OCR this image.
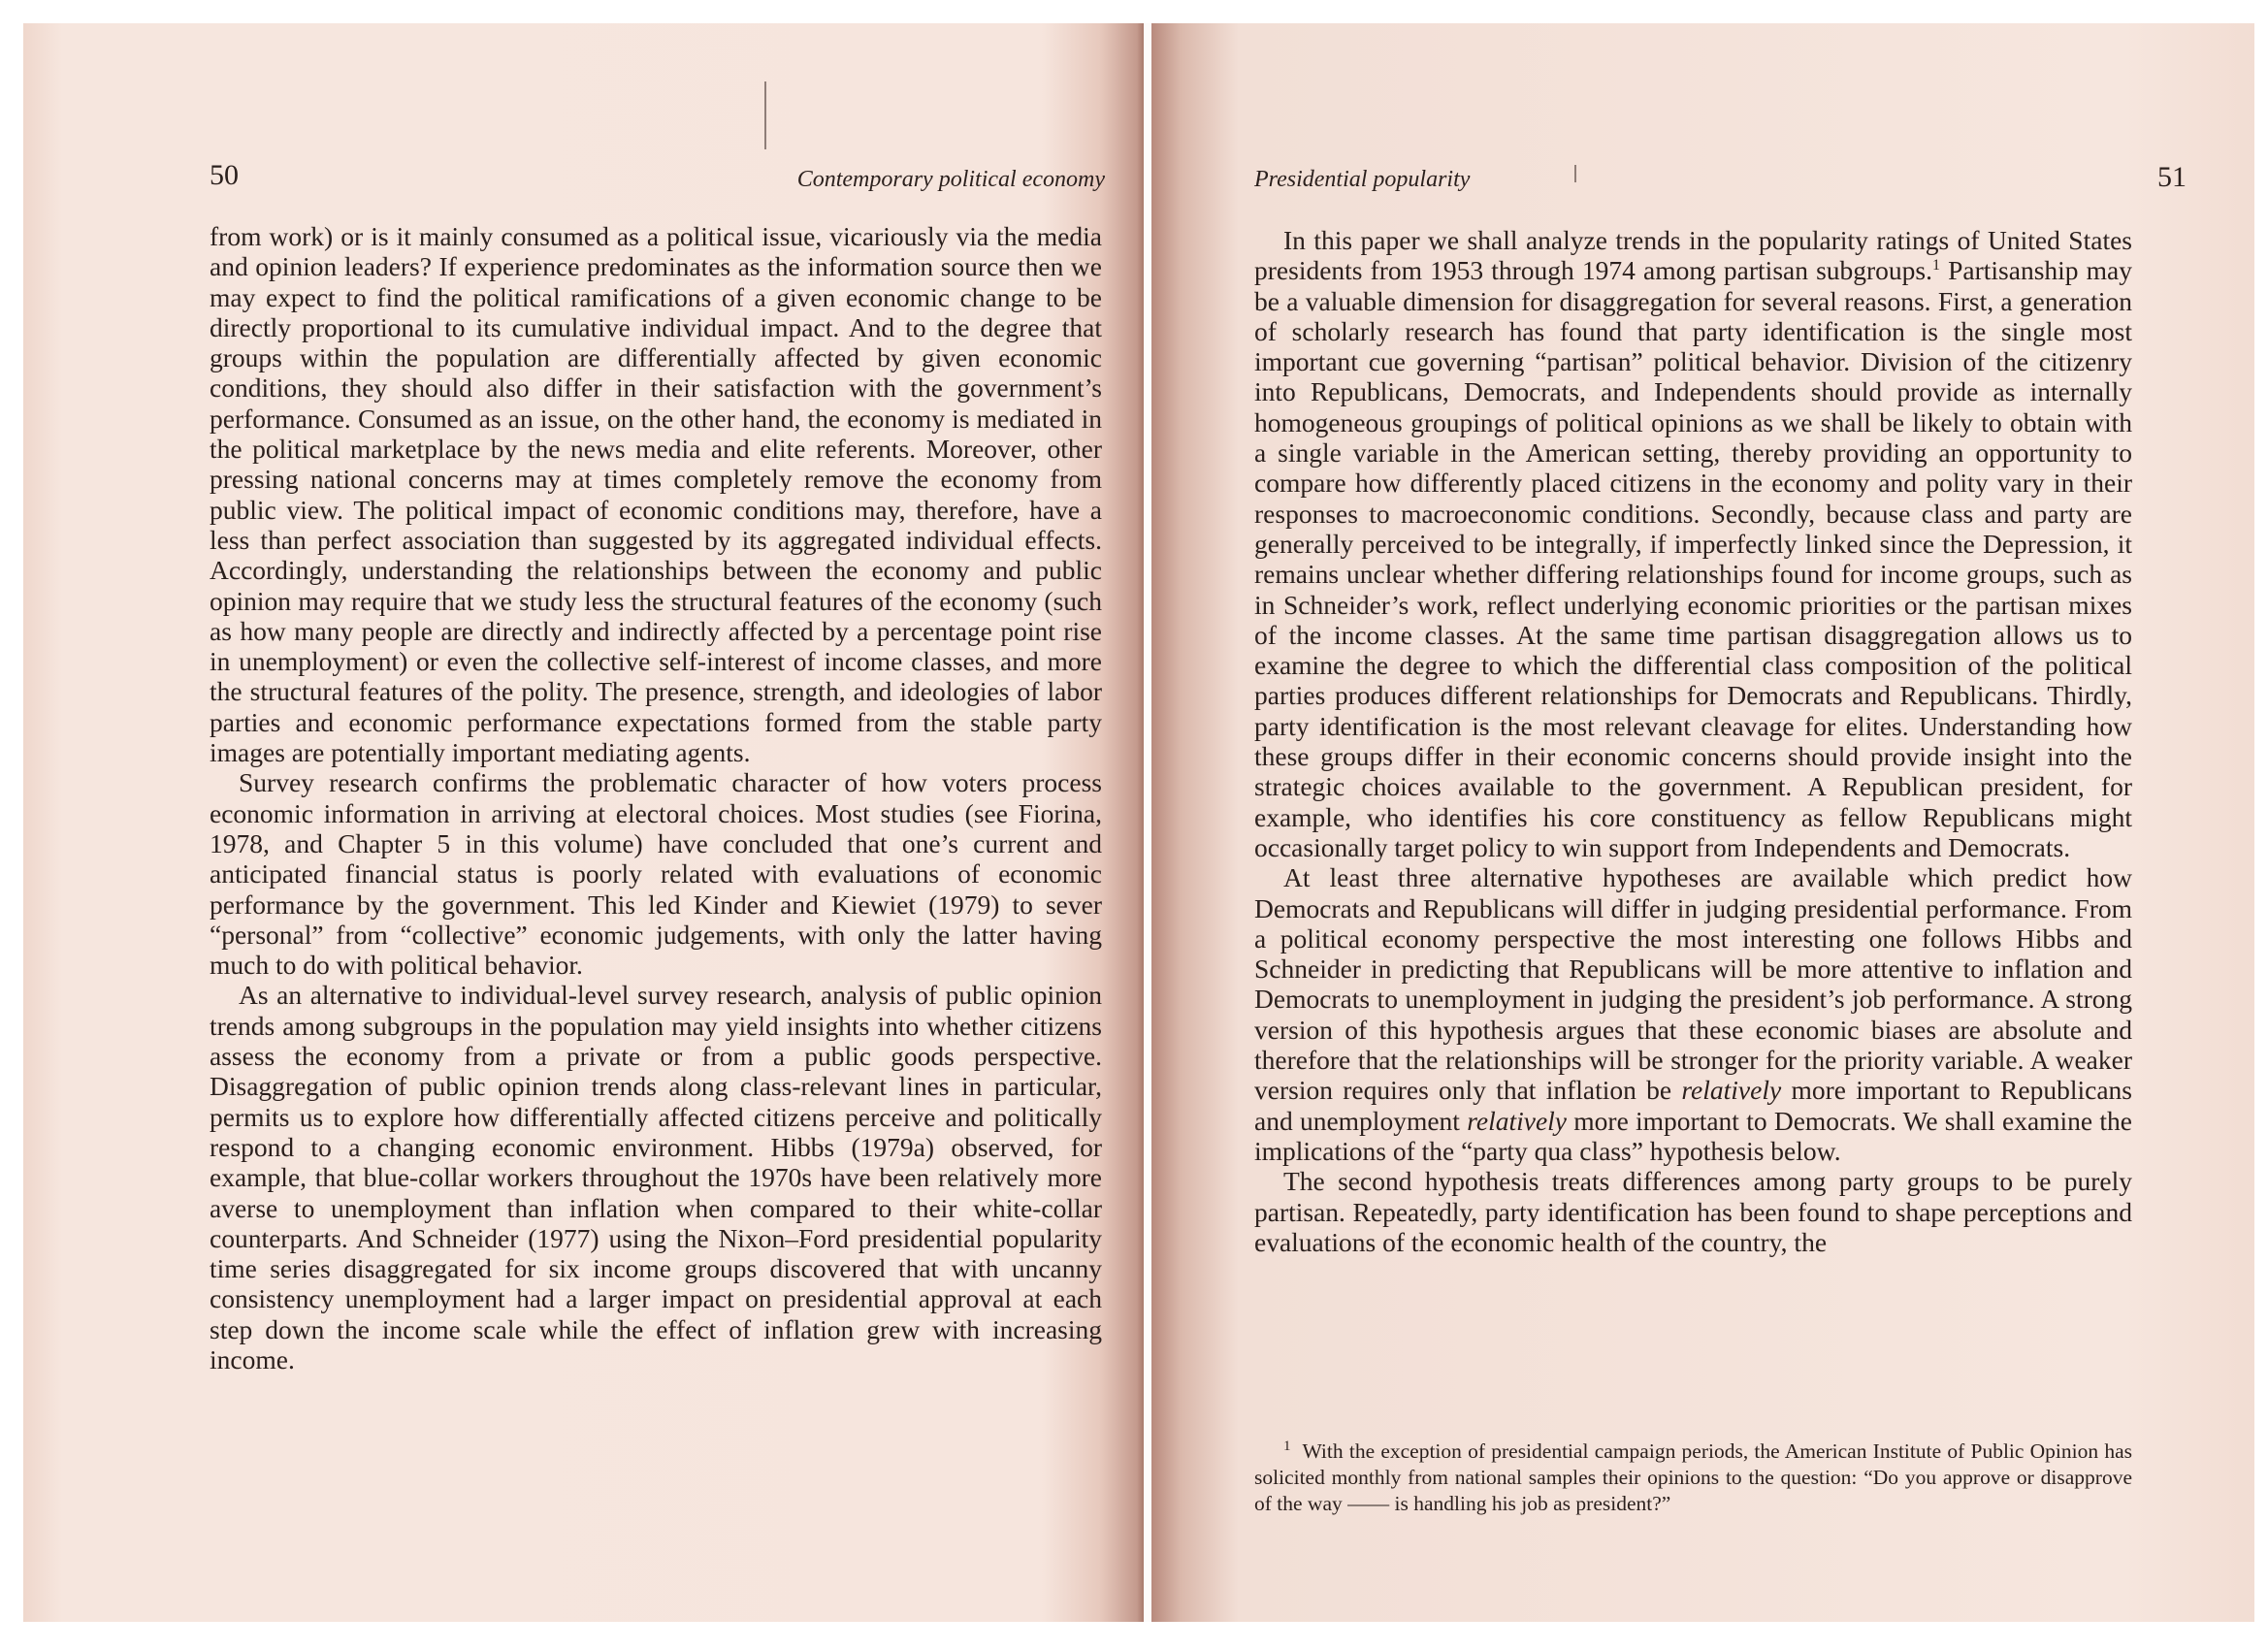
50	Contemporary political economy

from work) or is it mainly consumed as a political issue, vicariously via the media and opinion leaders? If experience predominates as the information source then we may expect to find the political ramifications of a given economic change to be directly proportional to its cumulative individual impact. And to the degree that groups within the population are differentially affected by given economic conditions, they should also differ in their satisfaction with the government’s performance. Consumed as an issue, on the other hand, the economy is mediated in the political marketplace by the news media and elite referents. Moreover, other pressing national concerns may at times completely remove the economy from public view. The political impact of economic conditions may, therefore, have a less than perfect association than suggested by its aggregated individual effects. Accordingly, understanding the relationships between the economy and public opinion may require that we study less the structural features of the economy (such as how many people are directly and indirectly affected by a percentage point rise in unemployment) or even the collective self-interest of income classes, and more the structural features of the polity. The presence, strength, and ideologies of labor parties and economic performance expectations formed from the stable party images are potentially important mediating agents.

Survey research confirms the problematic character of how voters process economic information in arriving at electoral choices. Most studies (see Fiorina, 1978, and Chapter 5 in this volume) have concluded that one’s current and anticipated financial status is poorly related with evaluations of economic performance by the government. This led Kinder and Kiewiet (1979) to sever “personal” from “collective” economic judgements, with only the latter having much to do with political behavior.

As an alternative to individual-level survey research, analysis of public opinion trends among subgroups in the population may yield insights into whether citizens assess the economy from a private or from a public goods perspective. Disaggregation of public opinion trends along class-relevant lines in particular, permits us to explore how differentially affected citizens perceive and politically respond to a changing economic environment. Hibbs (1979a) observed, for example, that blue-collar workers throughout the 1970s have been relatively more averse to unemployment than inflation when compared to their white-collar counterparts. And Schneider (1977) using the Nixon–Ford presidential popularity time series disaggregated for six income groups discovered that with uncanny consistency unemployment had a larger impact on presidential approval at each step down the income scale while the effect of inflation grew with increasing income.

Presidential popularity	51

In this paper we shall analyze trends in the popularity ratings of United States presidents from 1953 through 1974 among partisan subgroups.$^1$ Partisanship may be a valuable dimension for disaggregation for several reasons. First, a generation of scholarly research has found that party identification is the single most important cue governing “partisan” political behavior. Division of the citizenry into Republicans, Democrats, and Independents should provide as internally homogeneous groupings of political opinions as we shall be likely to obtain with a single variable in the American setting, thereby providing an opportunity to compare how differently placed citizens in the economy and polity vary in their responses to macroeconomic conditions. Secondly, because class and party are generally perceived to be integrally, if imperfectly linked since the Depression, it remains unclear whether differing relationships found for income groups, such as in Schneider’s work, reflect underlying economic priorities or the partisan mixes of the income classes. At the same time partisan disaggregation allows us to examine the degree to which the differential class composition of the political parties produces different relationships for Democrats and Republicans. Thirdly, party identification is the most relevant cleavage for elites. Understanding how these groups differ in their economic concerns should provide insight into the strategic choices available to the government. A Republican president, for example, who identifies his core constituency as fellow Republicans might occasionally target policy to win support from Independents and Democrats.

At least three alternative hypotheses are available which predict how Democrats and Republicans will differ in judging presidential performance. From a political economy perspective the most interesting one follows Hibbs and Schneider in predicting that Republicans will be more attentive to inflation and Democrats to unemployment in judging the president’s job performance. A strong version of this hypothesis argues that these economic biases are absolute and therefore that the relationships will be stronger for the priority variable. A weaker version requires only that inflation be relatively more important to Republicans and unemployment relatively more important to Democrats. We shall examine the implications of the “party qua class” hypothesis below.

The second hypothesis treats differences among party groups to be purely partisan. Repeatedly, party identification has been found to shape perceptions and evaluations of the economic health of the country, the

$^1$ With the exception of presidential campaign periods, the American Institute of Public Opinion has solicited monthly from national samples their opinions to the question: “Do you approve or disapprove of the way —— is handling his job as president?”
